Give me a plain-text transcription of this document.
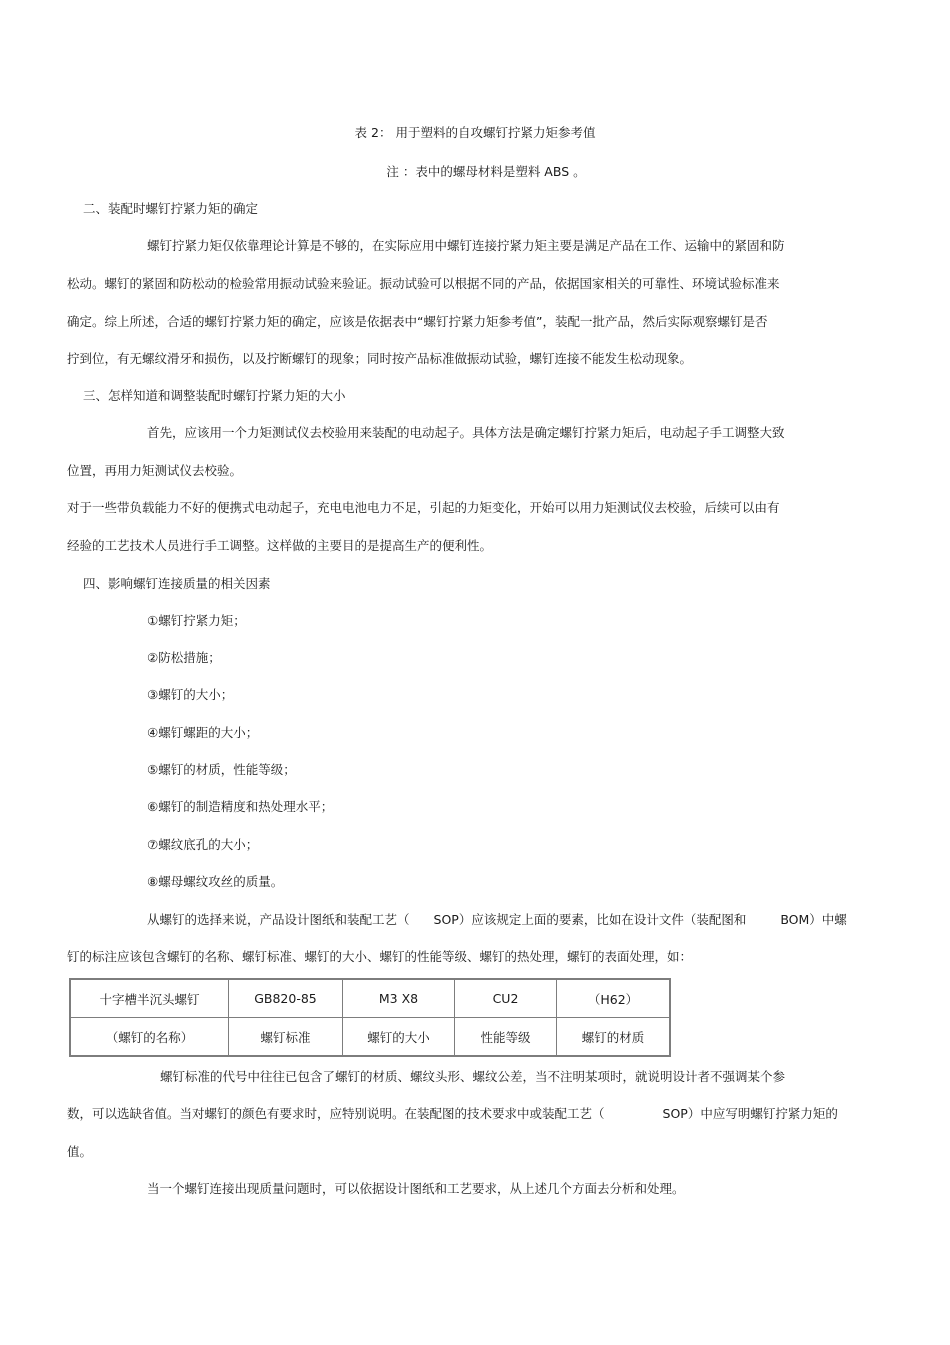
表 2： 用于塑料的自攻螺钉拧紧力矩参考值
注 ：表中的螺母材料是塑料 ABS 。
二、装配时螺钉拧紧力矩的确定
螺钉拧紧力矩仅依靠理论计算是不够的，在实际应用中螺钉连接拧紧力矩主要是满足产品在工作、运输中的紧固和防
松动。螺钉的紧固和防松动的检验常用振动试验来验证。振动试验可以根据不同的产品，依据国家相关的可靠性、环境试验标准来
确定。综上所述，合适的螺钉拧紧力矩的确定，应该是依据表中“螺钉拧紧力矩参考值”，装配一批产品，然后实际观察螺钉是否
拧到位，有无螺纹滑牙和损伤，以及拧断螺钉的现象；同时按产品标准做振动试验，螺钉连接不能发生松动现象。
三、怎样知道和调整装配时螺钉拧紧力矩的大小
首先，应该用一个力矩测试仪去校验用来装配的电动起子。具体方法是确定螺钉拧紧力矩后，电动起子手工调整大致
位置，再用力矩测试仪去校验。
对于一些带负载能力不好的便携式电动起子，充电电池电力不足，引起的力矩变化，开始可以用力矩测试仪去校验，后续可以由有
经验的工艺技术人员进行手工调整。这样做的主要目的是提高生产的便利性。
四、影响螺钉连接质量的相关因素
①螺钉拧紧力矩；
②防松措施；
③螺钉的大小；
④螺钉螺距的大小；
⑤螺钉的材质，性能等级；
⑥螺钉的制造精度和热处理水平；
⑦螺纹底孔的大小；
⑧螺母螺纹攻丝的质量。
从螺钉的选择来说，产品设计图纸和装配工艺（ SOP）应该规定上面的要素，比如在设计文件（装配图和	BOM）中螺
钉的标注应该包含螺钉的名称、螺钉标准、螺钉的大小、螺钉的性能等级、螺钉的热处理，螺钉的表面处理，如：
十字槽半沉头螺钉	GB820-85	M3 X8	CU2	（H62）
（螺钉的名称）	螺钉标准	螺钉的大小	性能等级	螺钉的材质
螺钉标准的代号中往往已包含了螺钉的材质、螺纹头形、螺纹公差，当不注明某项时，就说明设计者不强调某个参
数，可以选缺省值。当对螺钉的颜色有要求时，应特别说明。在装配图的技术要求中或装配工艺（	SOP）中应写明螺钉拧紧力矩的
值。
当一个螺钉连接出现质量问题时，可以依据设计图纸和工艺要求，从上述几个方面去分析和处理。
